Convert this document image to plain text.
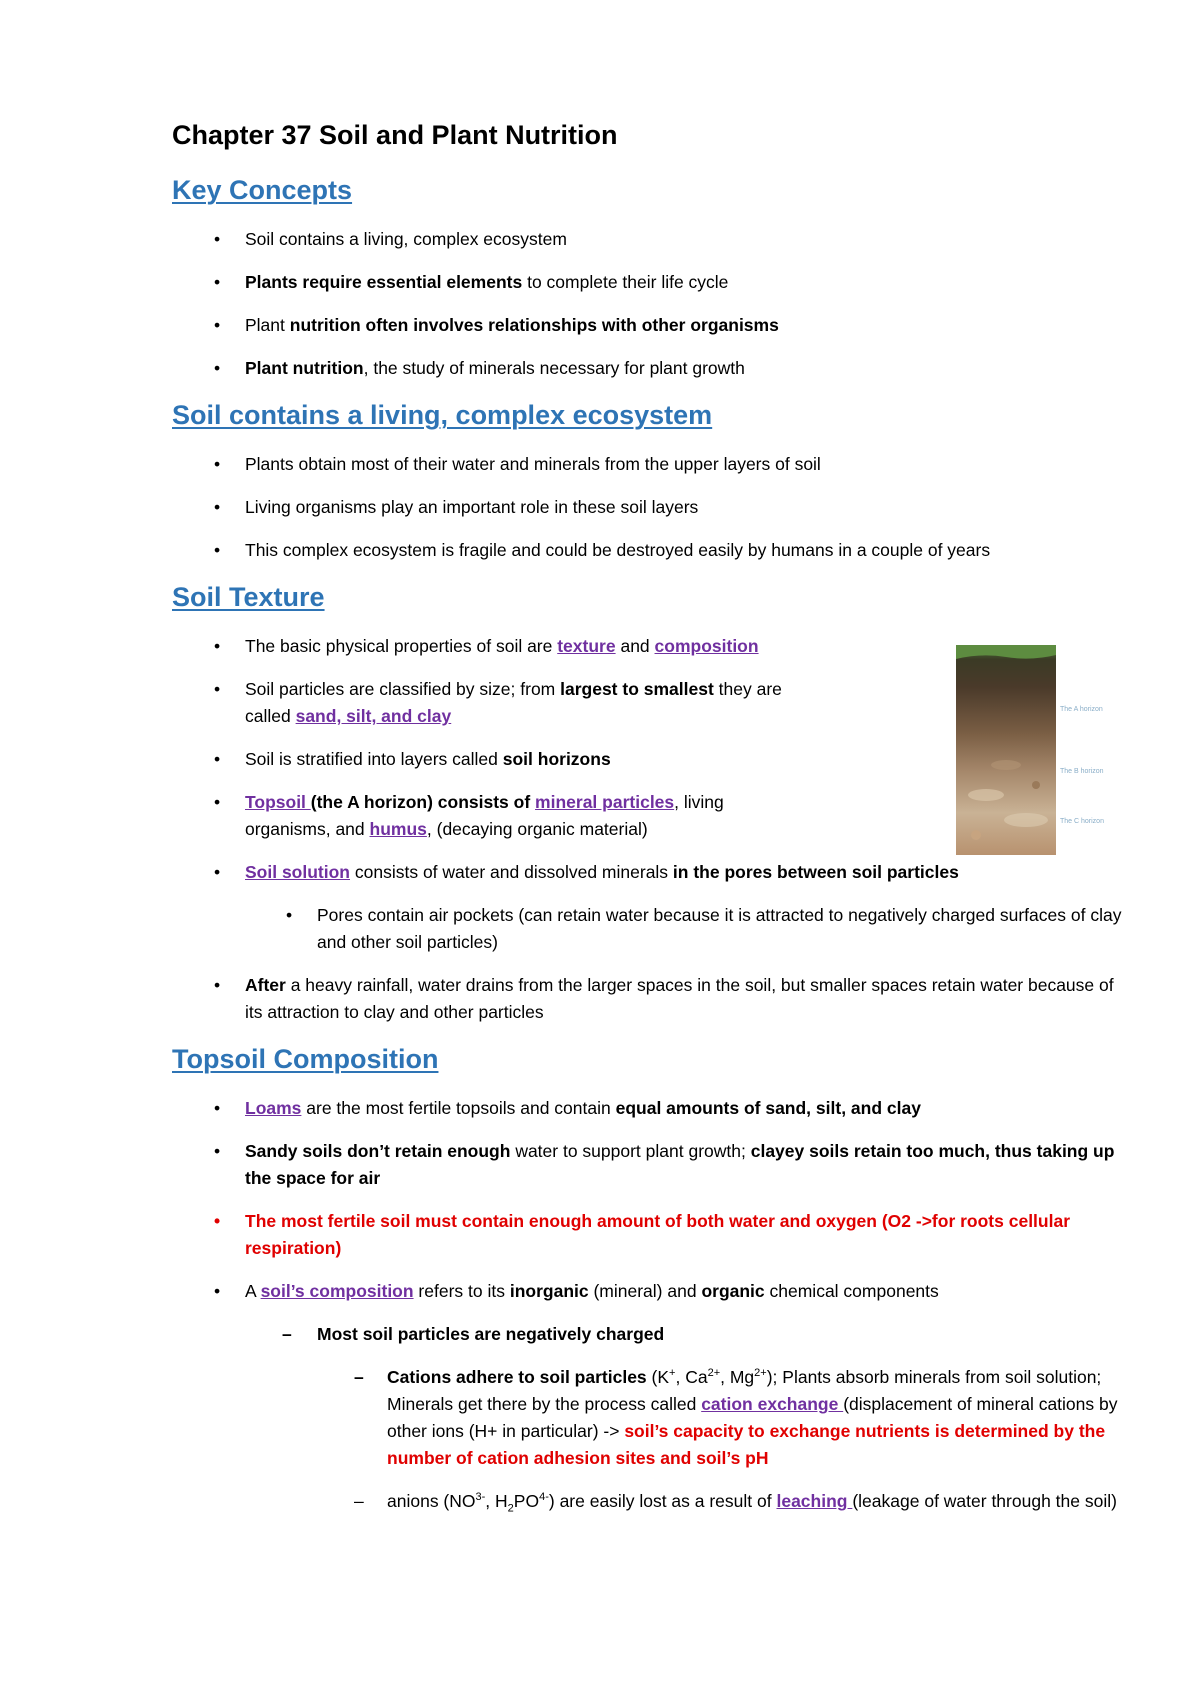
Chapter 37 Soil and Plant Nutrition
Key Concepts
• Soil contains a living, complex ecosystem
• Plants require essential elements to complete their life cycle
• Plant nutrition often involves relationships with other organisms
• Plant nutrition, the study of minerals necessary for plant growth
Soil contains a living, complex ecosystem
• Plants obtain most of their water and minerals from the upper layers of soil
• Living organisms play an important role in these soil layers
• This complex ecosystem is fragile and could be destroyed easily by humans in a couple of years
Soil Texture
• The basic physical properties of soil are texture and composition
• Soil particles are classified by size; from largest to smallest they are called sand, silt, and clay
• Soil is stratified into layers called soil horizons
• Topsoil (the A horizon) consists of mineral particles, living organisms, and humus, (decaying organic material)
• Soil solution consists of water and dissolved minerals in the pores between soil particles
• Pores contain air pockets (can retain water because it is attracted to negatively charged surfaces of clay and other soil particles)
• After a heavy rainfall, water drains from the larger spaces in the soil, but smaller spaces retain water because of its attraction to clay and other particles
Topsoil Composition
• Loams are the most fertile topsoils and contain equal amounts of sand, silt, and clay
• Sandy soils don’t retain enough water to support plant growth; clayey soils retain too much, thus taking up the space for air
• The most fertile soil must contain enough amount of both water and oxygen (O2 ->for roots cellular respiration)
• A soil’s composition refers to its inorganic (mineral) and organic chemical components
– Most soil particles are negatively charged
– Cations adhere to soil particles (K+, $Ca^{2+}$, $Mg^{2+}$); Plants absorb minerals from soil solution; Minerals get there by the process called cation exchange (displacement of mineral cations by other ions (H+ in particular) -> soil’s capacity to exchange nutrients is determined by the number of cation adhesion sites and soil’s pH
– anions ($NO^{3-}$, $H_2PO^{4-}$) are easily lost as a result of leaching (leakage of water through the soil)
The A horizon
The B horizon
The C horizon
